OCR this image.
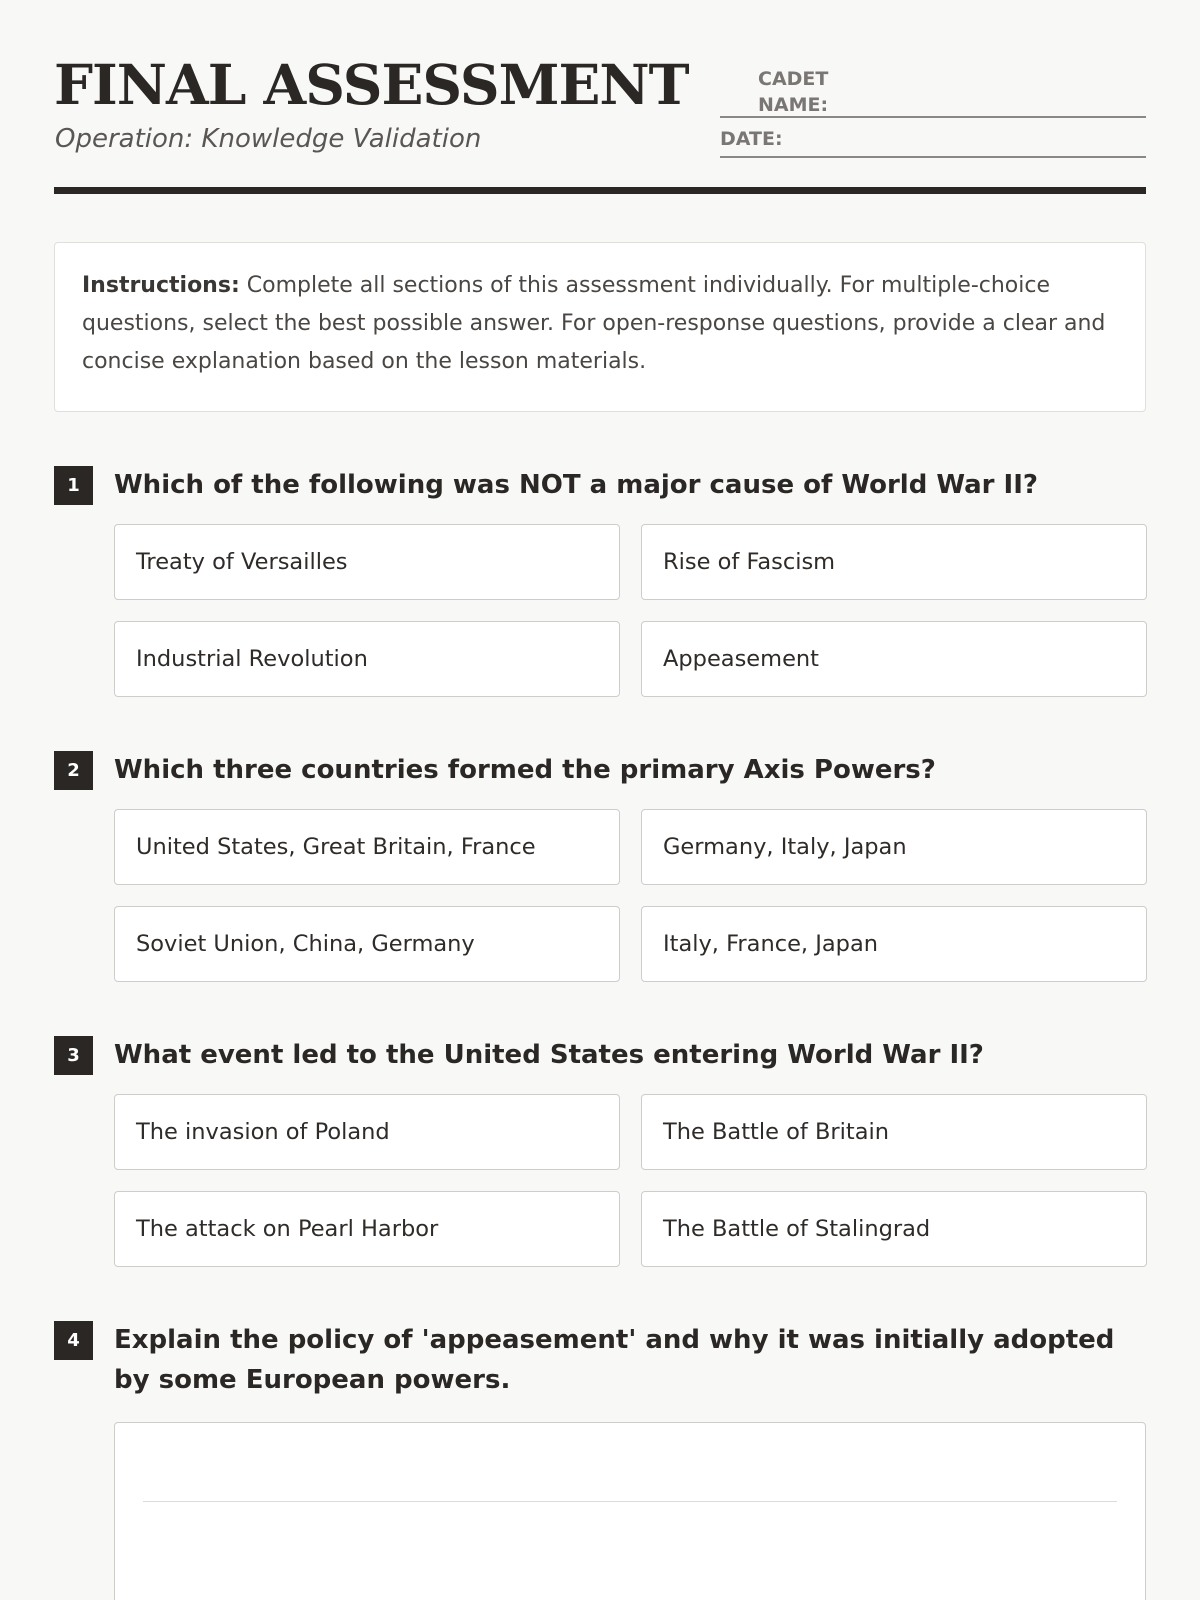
FINAL ASSESSMENT
Operation: Knowledge Validation
CADET NAME:
DATE:
Instructions: Complete all sections of this assessment individually. For multiple-choice questions, select the best possible answer. For open-response questions, provide a clear and concise explanation based on the lesson materials.
1	Which of the following was NOT a major cause of World War II?
Treaty of Versailles	Rise of Fascism
Industrial Revolution	Appeasement
2	Which three countries formed the primary Axis Powers?
United States, Great Britain, France	Germany, Italy, Japan
Soviet Union, China, Germany	Italy, France, Japan
3	What event led to the United States entering World War II?
The invasion of Poland	The Battle of Britain
The attack on Pearl Harbor	The Battle of Stalingrad
4	Explain the policy of 'appeasement' and why it was initially adopted by some European powers.
